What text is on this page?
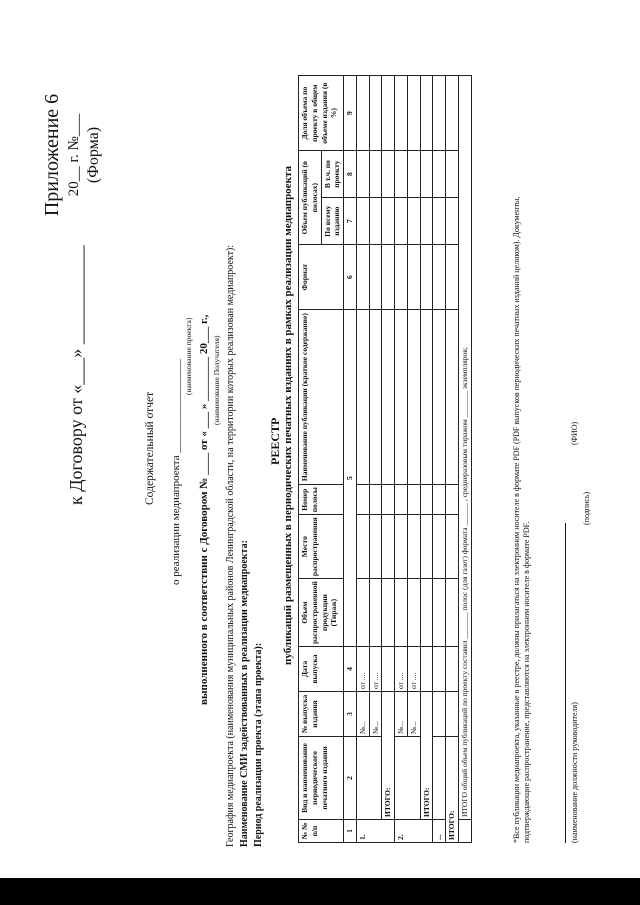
Приложение 6 20__ г. №___ (Форма)
к Договору от «___» ___________	Содержательный отчет о реализации медиапроекта _________________
(наименование проекта) выполненного в соответствии с Договором № ____ от « ___ » ________ 20___ г., (наименование Получателя) География медиапроекта (наименования муниципальных районов Ленинградской области, на территории которых реализован медиапроект): Наименование СМИ задействованных в реализации медиапроекта: Период реализации проекта (этапа проекта):
РЕЕСТР публикаций размещенных в периодических печатных изданиях в рамках реализации медиапроекта
№ № п/п	Вид и наименование периодического печатного издания	№ выпуска издания	Дата выпуска	Объем распространенной продукции (Тираж)	Место распространения	Номер полосы	Наименование публикации (краткое содержание)	Формат	Объем публикаций (в полосах)		Доля объема по проекту в общем объеме издания (в %)
									По всему изданию	В т.ч. по проекту	
1	2	3	4	5				6	7	8	9
1.		№...	от ....								
		№...	от ....								
	ИТОГО:										
2.		№...	от ....								
		№...	от ....								
	ИТОГО:										
...											
ИТОГО:											
	ИТОГО общий объем публикаций по проекту составил _______ полос (для газет) формата ______ , среднеразовым тиражом _______ экземпляров;											*Все публикации медиапроекта, указанные в реестре, должны прилагаться на электронном носителе в формате PDF (PDF выпусков периодических печатных изданий целиком). Документы, подтверждающие распространение, представляются на электронном носителе в формате PDF.	(наименование должности руководителя)
(подпись)
(ФИО)
